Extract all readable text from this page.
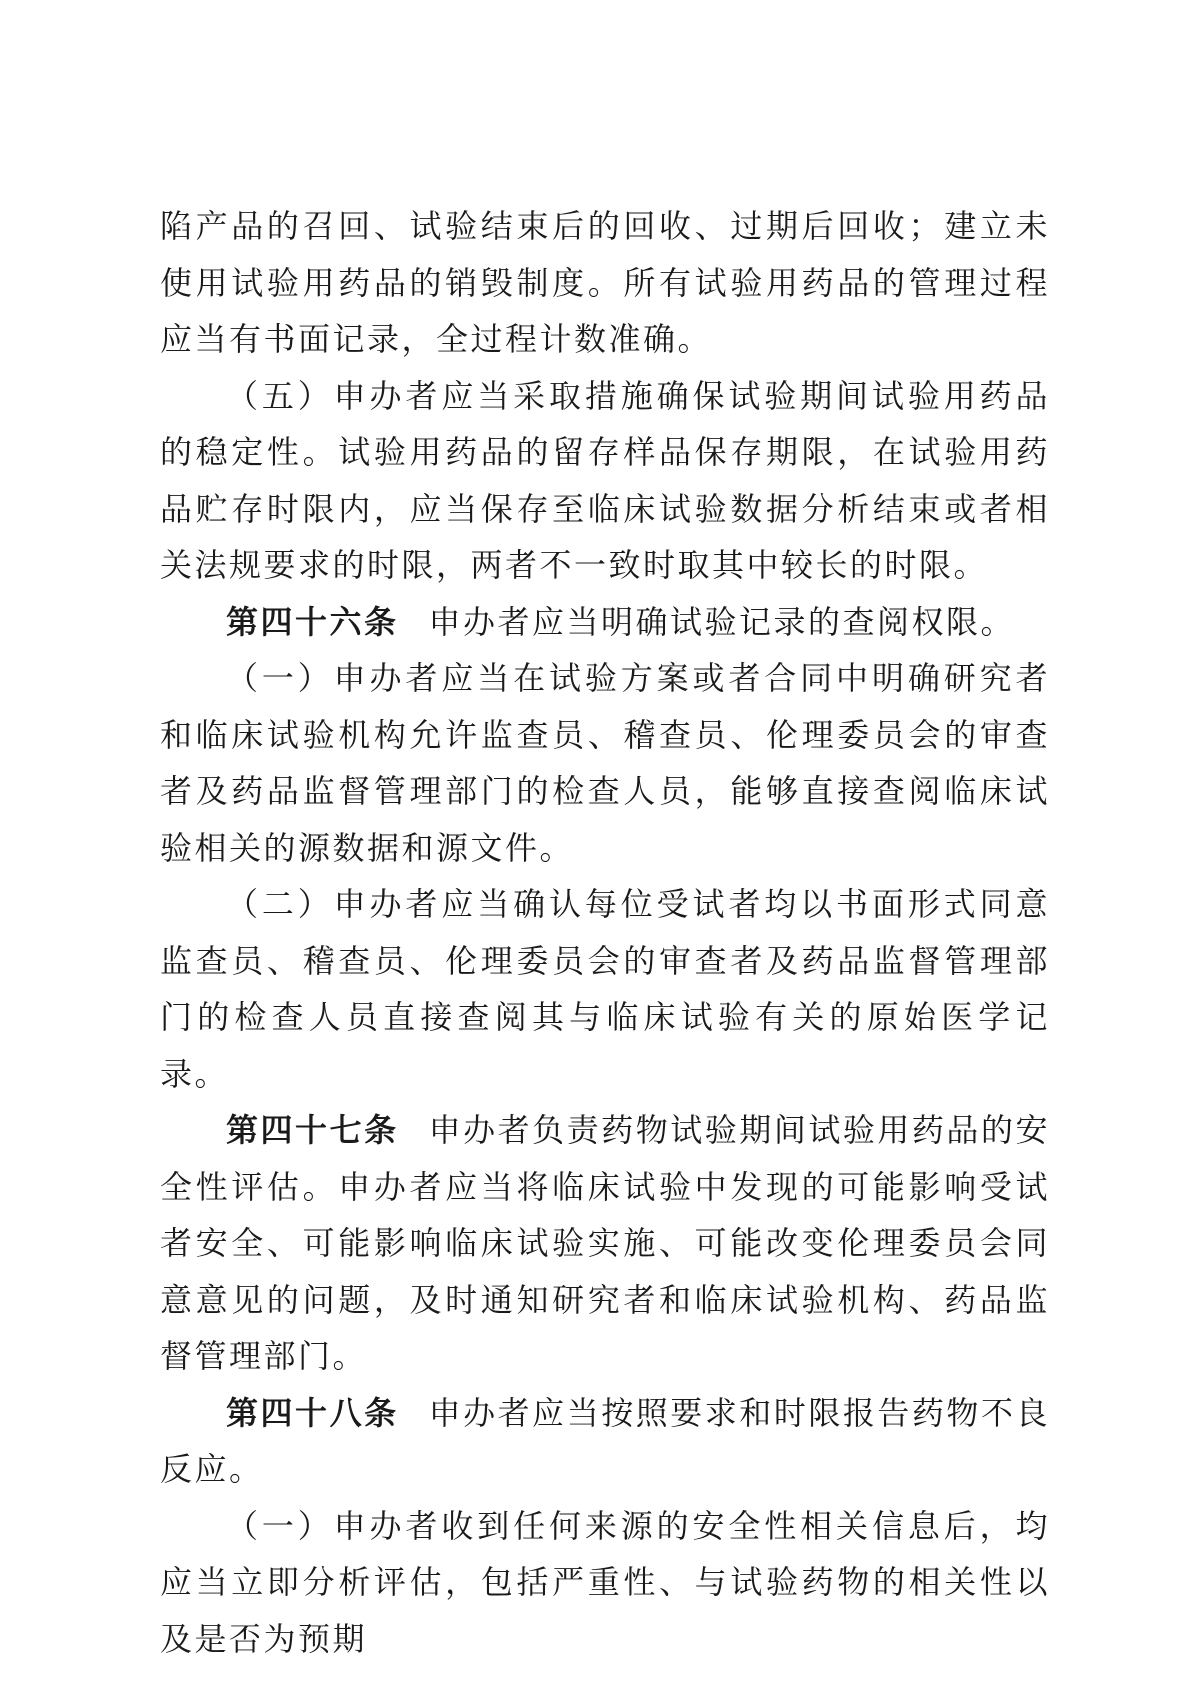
陷产品的召回、试验结束后的回收、过期后回收；建立未使用试验用药品的销毁制度。所有试验用药品的管理过程应当有书面记录，全过程计数准确。

（五）申办者应当采取措施确保试验期间试验用药品的稳定性。试验用药品的留存样品保存期限，在试验用药品贮存时限内，应当保存至临床试验数据分析结束或者相关法规要求的时限，两者不一致时取其中较长的时限。

第四十六条 申办者应当明确试验记录的查阅权限。

（一）申办者应当在试验方案或者合同中明确研究者和临床试验机构允许监查员、稽查员、伦理委员会的审查者及药品监督管理部门的检查人员，能够直接查阅临床试验相关的源数据和源文件。

（二）申办者应当确认每位受试者均以书面形式同意监查员、稽查员、伦理委员会的审查者及药品监督管理部门的检查人员直接查阅其与临床试验有关的原始医学记录。

第四十七条 申办者负责药物试验期间试验用药品的安全性评估。申办者应当将临床试验中发现的可能影响受试者安全、可能影响临床试验实施、可能改变伦理委员会同意意见的问题，及时通知研究者和临床试验机构、药品监督管理部门。

第四十八条 申办者应当按照要求和时限报告药物不良反应。

（一）申办者收到任何来源的安全性相关信息后，均应当立即分析评估，包括严重性、与试验药物的相关性以及是否为预期
